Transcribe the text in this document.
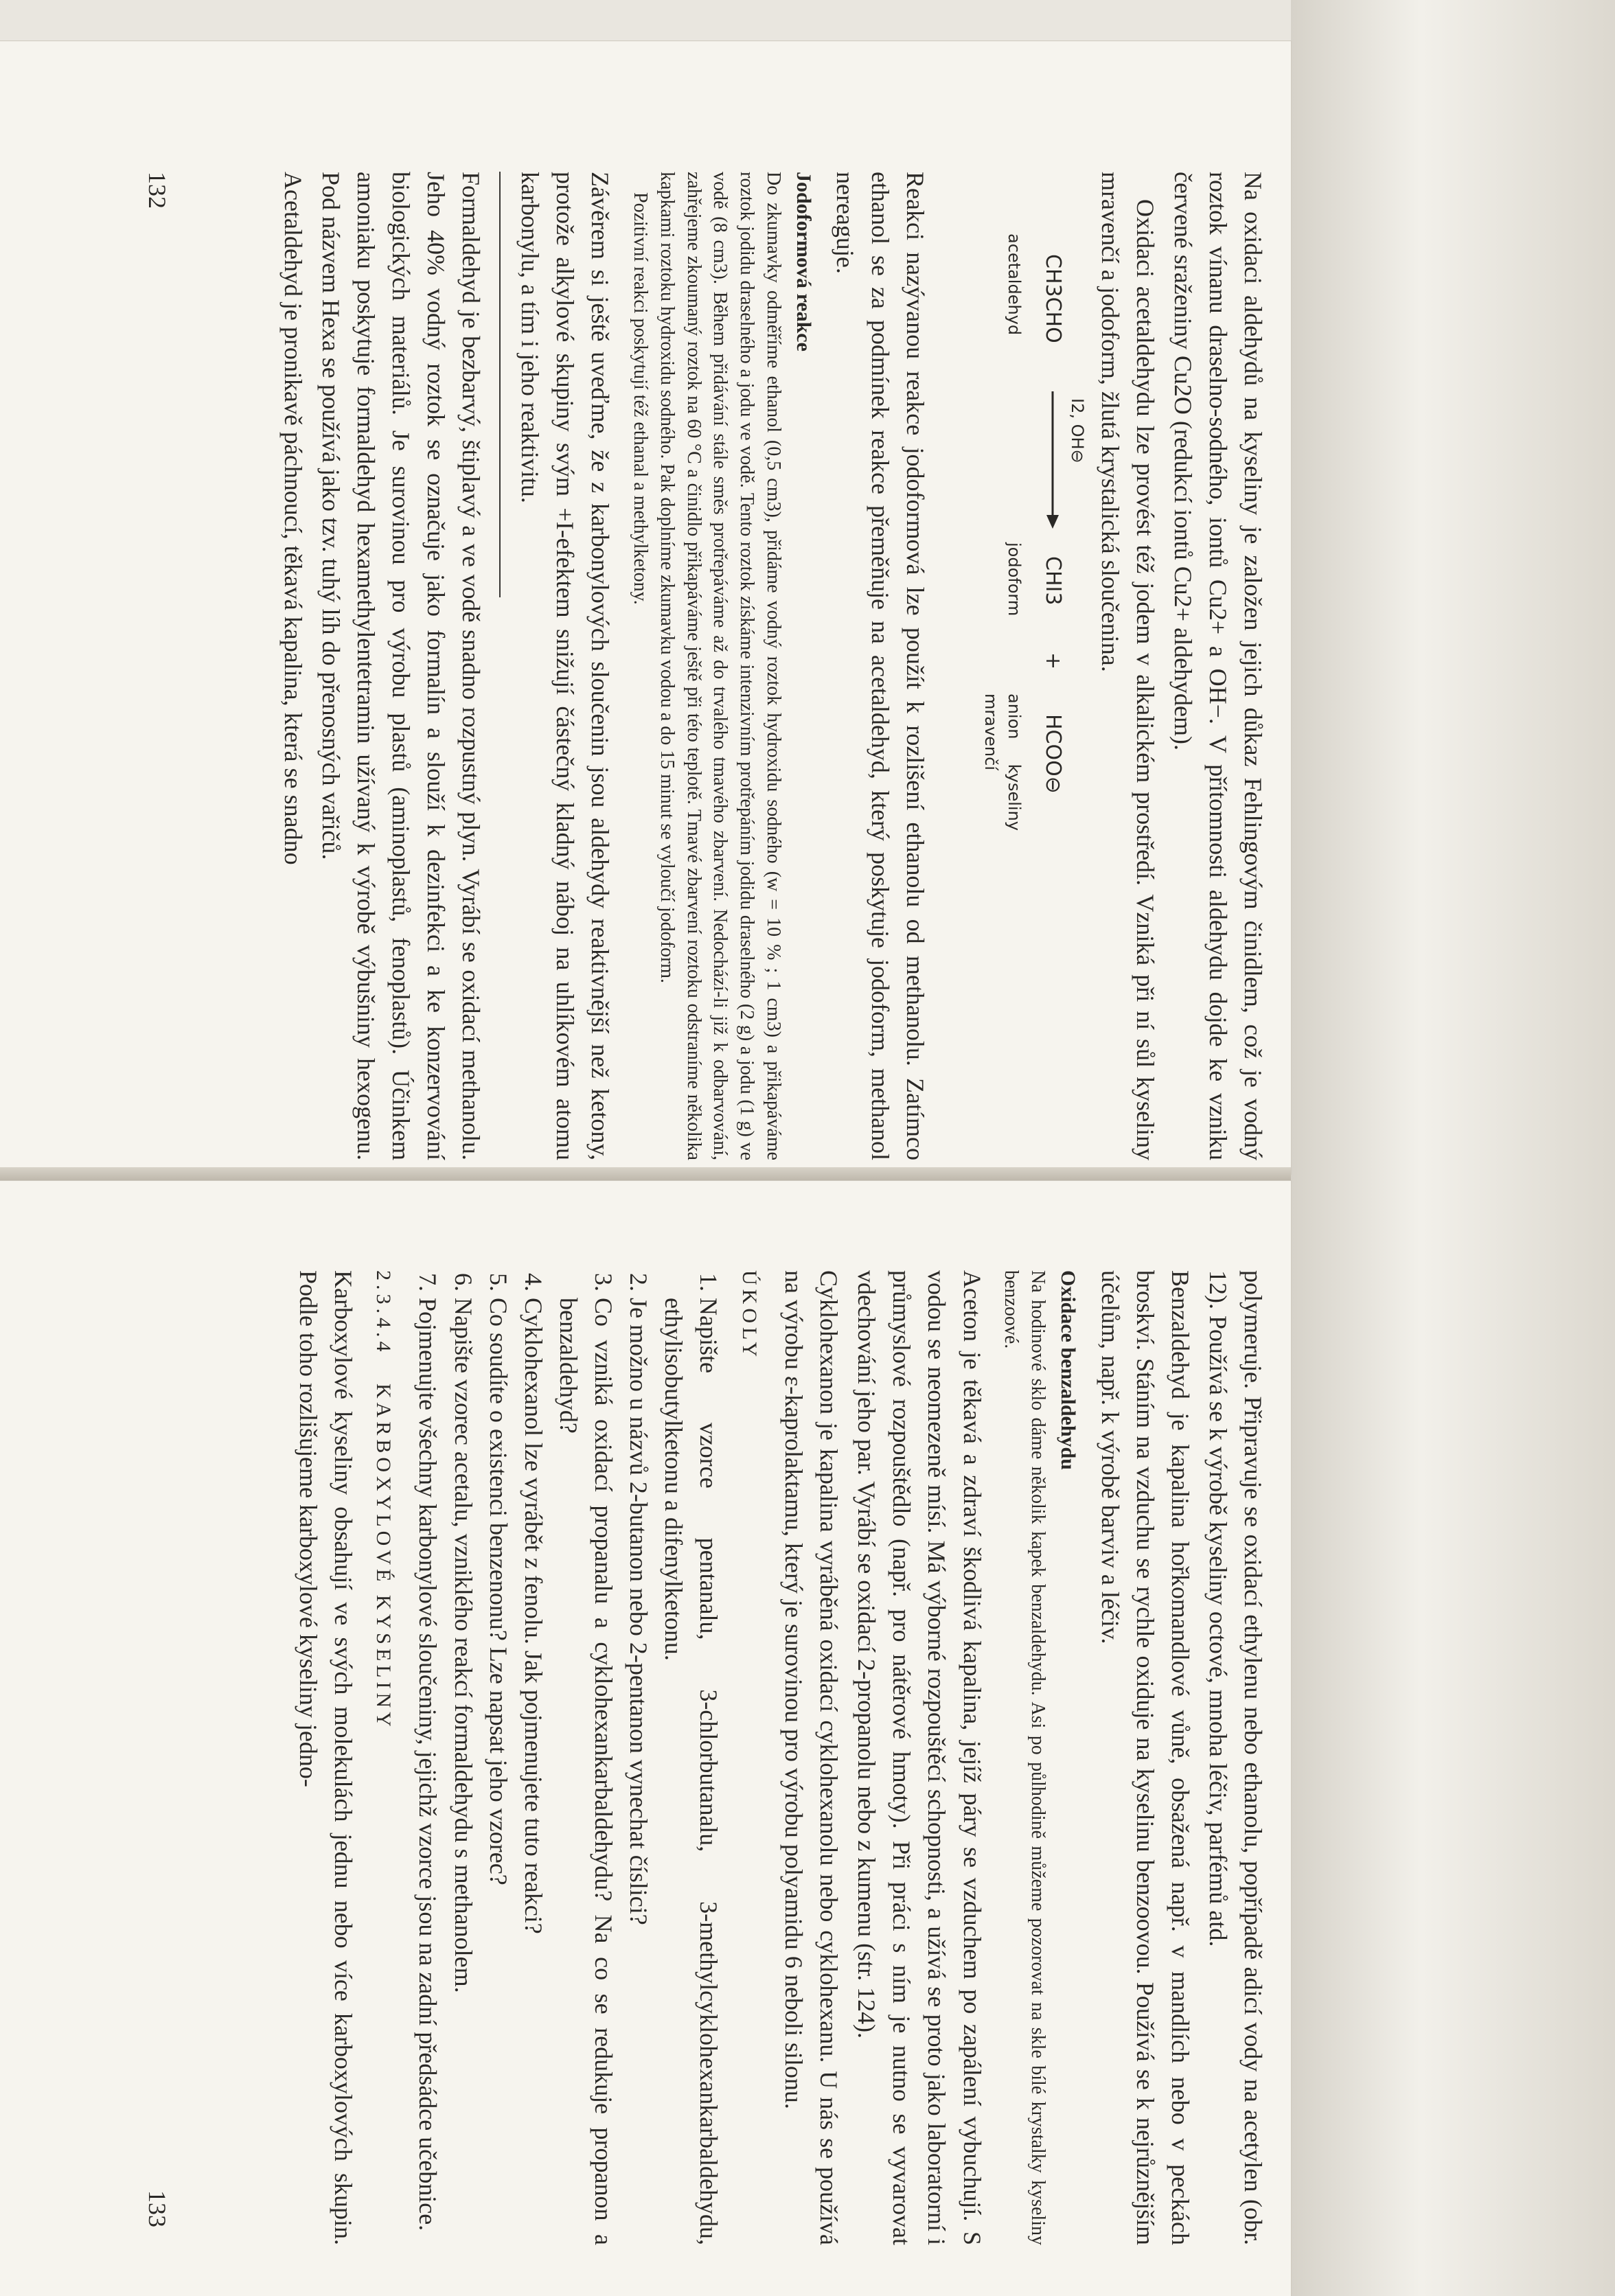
Na oxidaci aldehydů na kyseliny je založen jejich důkaz Fehlingovým činidlem, což je vodný roztok vínanu draselno-sodného, iontů Cu2+ a OH−. V přítomnosti aldehydu dojde ke vzniku červené sraženiny Cu2O (redukcí iontů Cu2+ aldehydem).

Oxidaci acetaldehydu lze provést též jodem v alkalickém prostředí. Vzniká při ní sůl kyseliny mravenčí a jodoform, žlutá krystalická sloučenina.

CH3CHO
I2, OH⊖
CHI3
+
HCOO⊖
acetaldehyd
jodoform
anion kyseliny mravenčí

Reakci nazývanou reakce jodoformová lze použít k rozlišení ethanolu od methanolu. Zatímco ethanol se za podmínek reakce přeměňuje na acetaldehyd, který poskytuje jodoform, methanol nereaguje.

Jodoformová reakce

Do zkumavky odměříme ethanol (0,5 cm3), přidáme vodný roztok hydroxidu sodného (w = 10 % ; 1 cm3) a přikapáváme roztok jodidu draselného a jodu ve vodě. Tento roztok získáme intenzivním protřepáním jodidu draselného (2 g) a jodu (1 g) ve vodě (8 cm3). Během přidávání stále směs protřepáváme až do trvalého tmavého zbarvení. Nedochází-li již k odbarvování, zahřejeme zkoumaný roztok na 60 °C a činidlo přikapáváme ještě při této teplotě. Tmavé zbarvení roztoku odstraníme několika kapkami roztoku hydroxidu sodného. Pak doplníme zkumavku vodou a do 15 minut se vyloučí jodoform.

Pozitivní reakci poskytují též ethanal a methylketony.

Závěrem si ještě uveďme, že z karbonylových sloučenin jsou aldehydy reaktivnější než ketony, protože alkylové skupiny svým +I-efektem snižují částečný kladný náboj na uhlíkovém atomu karbonylu, a tím i jeho reaktivitu.

Formaldehyd je bezbarvý, štiplavý a ve vodě snadno rozpustný plyn. Vyrábí se oxidací methanolu. Jeho 40% vodný roztok se označuje jako formalín a slouží k dezinfekci a ke konzervování biologických materiálů. Je surovinou pro výrobu plastů (aminoplastů, fenoplastů). Účinkem amoniaku poskytuje formaldehyd hexamethylentetramin užívaný k výrobě výbušniny hexogenu. Pod názvem Hexa se používá jako tzv. tuhý líh do přenosných vařičů.

Acetaldehyd je pronikavě páchnoucí, těkavá kapalina, která se snadno

132

polymeruje. Připravuje se oxidací ethylenu nebo ethanolu, popřípadě adicí vody na acetylen (obr. 12). Používá se k výrobě kyseliny octové, mnoha léčiv, parfémů atd.

Benzaldehyd je kapalina hořkomandlové vůně, obsažená např. v mandlích nebo v peckách broskví. Stáním na vzduchu se rychle oxiduje na kyselinu benzoovou. Používá se k nejrůznějším účelům, např. k výrobě barviv a léčiv.

Oxidace benzaldehydu

Na hodinové sklo dáme několik kapek benzaldehydu. Asi po půlhodině můžeme pozorovat na skle bílé krystalky kyseliny benzoové.

Aceton je těkavá a zdraví škodlivá kapalina, jejíž páry se vzduchem po zapálení vybuchují. S vodou se neomezeně mísí. Má výborné rozpouštěcí schopnosti, a užívá se proto jako laboratorní i průmyslové rozpouštědlo (např. pro nátěrové hmoty). Při práci s ním je nutno se vyvarovat vdechování jeho par. Vyrábí se oxidací 2-propanolu nebo z kumenu (str. 124).

Cyklohexanon je kapalina vyráběná oxidací cyklohexanolu nebo cyklohexanu. U nás se používá na výrobu ε-kaprolaktamu, který je surovinou pro výrobu polyamidu 6 neboli silonu.

ÚKOLY
1. Napište vzorce pentanalu, 3-chlorbutanalu, 3-methylcyklohexankarbaldehydu, ethylisobutylketonu a difenylketonu.
2. Je možno u názvů 2-butanon nebo 2-pentanon vynechat číslici?
3. Co vzniká oxidací propanalu a cyklohexankarbaldehydu? Na co se redukuje propanon a benzaldehyd?
4. Cyklohexanol lze vyrábět z fenolu. Jak pojmenujete tuto reakci?
5. Co soudíte o existenci benzenonu? Lze napsat jeho vzorec?
6. Napište vzorec acetalu, vzniklého reakcí formaldehydu s methanolem.
7. Pojmenujte všechny karbonylové sloučeniny, jejichž vzorce jsou na zadní předsádce učebnice.
2.3.4.4   KARBOXYLOVÉ KYSELINY

Karboxylové kyseliny obsahují ve svých molekulách jednu nebo více karboxylových skupin. Podle toho rozlišujeme karboxylové kyseliny jedno-

133
